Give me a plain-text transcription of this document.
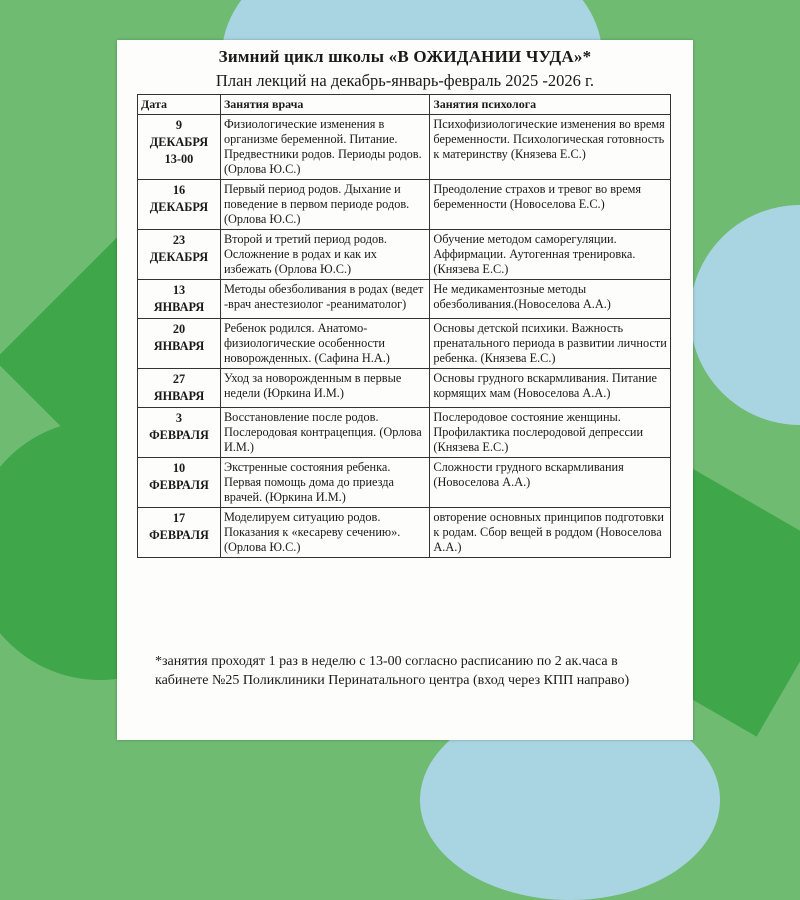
Зимний цикл школы «В ОЖИДАНИИ ЧУДА»*
План лекций на декабрь-январь-февраль 2025 -2026 г.
Дата	Занятия врача	Занятия психолога

9
ДЕКАБРЯ
13-00	Физиологические изменения в организме беременной. Питание. Предвестники родов. Периоды родов. (Орлова Ю.С.)	Психофизиологические изменения во время беременности. Психологическая готовность к материнству (Князева Е.С.)

16
ДЕКАБРЯ	Первый период родов. Дыхание и поведение в первом периоде родов. (Орлова Ю.С.)	Преодоление страхов и тревог во время беременности (Новоселова Е.С.)

23
ДЕКАБРЯ	Второй и третий период родов. Осложнение в родах и как их избежать (Орлова Ю.С.)	Обучение методом саморегуляции. Аффирмации. Аутогенная тренировка. (Князева Е.С.)

13
ЯНВАРЯ	Методы обезболивания в родах (ведет -врач анестезиолог -реаниматолог)	Не медикаментозные методы обезболивания.(Новоселова А.А.)

20
ЯНВАРЯ	Ребенок родился. Анатомо-физиологические особенности новорожденных. (Сафина Н.А.)	Основы детской психики. Важность пренатального периода в развитии личности ребенка. (Князева Е.С.)

27
ЯНВАРЯ	Уход за новорожденным в первые недели (Юркина И.М.)	Основы грудного вскармливания. Питание кормящих мам (Новоселова А.А.)

3
ФЕВРАЛЯ	Восстановление после родов. Послеродовая контрацепция. (Орлова И.М.)	Послеродовое состояние женщины. Профилактика послеродовой депрессии (Князева Е.С.)

10
ФЕВРАЛЯ	Экстренные состояния ребенка. Первая помощь дома до приезда врачей. (Юркина И.М.)	Сложности грудного вскармливания (Новоселова А.А.)

17
ФЕВРАЛЯ	Моделируем ситуацию родов. Показания к «кесареву сечению». (Орлова Ю.С.)	овторение основных принципов подготовки к родам. Сбор вещей в роддом (Новоселова А.А.)
*занятия проходят 1 раз в неделю с 13-00 согласно расписанию по 2 ак.часа в кабинете №25 Поликлиники Перинатального центра (вход через КПП направо)
